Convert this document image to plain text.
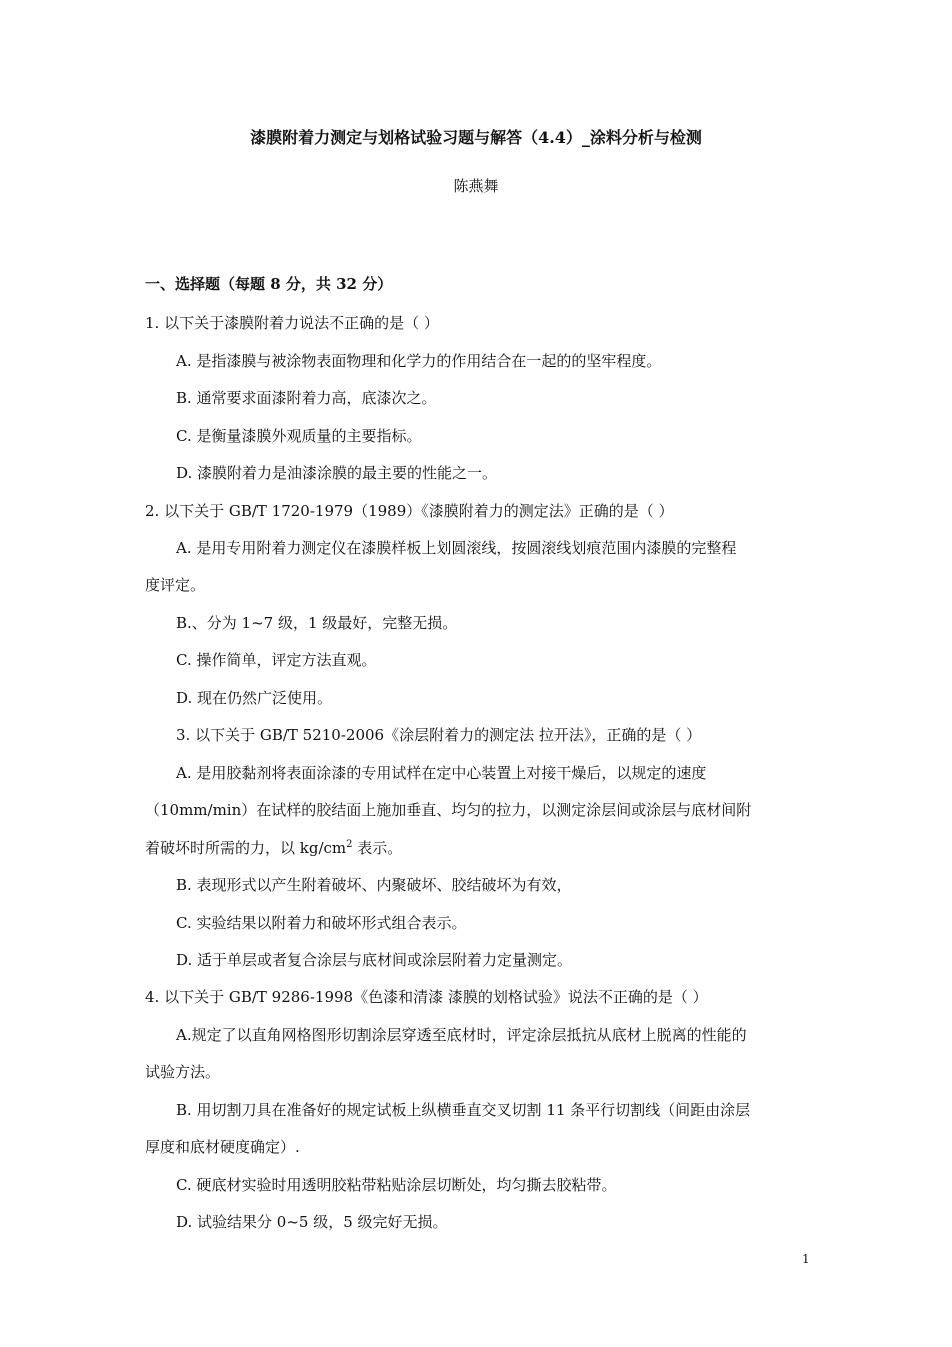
漆膜附着力测定与划格试验习题与解答（4.4）_涂料分析与检测
陈燕舞
一、选择题（每题 8 分，共 32 分）
1. 以下关于漆膜附着力说法不正确的是（ ）
A. 是指漆膜与被涂物表面物理和化学力的作用结合在一起的的坚牢程度。
B. 通常要求面漆附着力高，底漆次之。
C. 是衡量漆膜外观质量的主要指标。
D. 漆膜附着力是油漆涂膜的最主要的性能之一。
2. 以下关于 GB/T 1720-1979（1989）《漆膜附着力的测定法》正确的是（ ）
A. 是用专用附着力测定仪在漆膜样板上划圆滚线，按圆滚线划痕范围内漆膜的完整程
度评定。
B.、分为 1~7 级，1 级最好，完整无损。
C. 操作简单，评定方法直观。
D. 现在仍然广泛使用。
3. 以下关于 GB/T 5210-2006《涂层附着力的测定法 拉开法》，正确的是（ ）
A. 是用胶黏剂将表面涂漆的专用试样在定中心装置上对接干燥后，以规定的速度
（10mm/min）在试样的胶结面上施加垂直、均匀的拉力，以测定涂层间或涂层与底材间附
着破坏时所需的力，以 $kg/cm^2$ 表示。
B. 表现形式以产生附着破坏、内聚破坏、胶结破坏为有效，
C. 实验结果以附着力和破坏形式组合表示。
D. 适于单层或者复合涂层与底材间或涂层附着力定量测定。
4. 以下关于 GB/T 9286-1998《色漆和清漆 漆膜的划格试验》说法不正确的是（ ）
A.规定了以直角网格图形切割涂层穿透至底材时，评定涂层抵抗从底材上脱离的性能的
试验方法。
B. 用切割刀具在准备好的规定试板上纵横垂直交叉切割 11 条平行切割线（间距由涂层
厚度和底材硬度确定）.
C. 硬底材实验时用透明胶粘带粘贴涂层切断处，均匀撕去胶粘带。
D. 试验结果分 0~5 级，5 级完好无损。
1
